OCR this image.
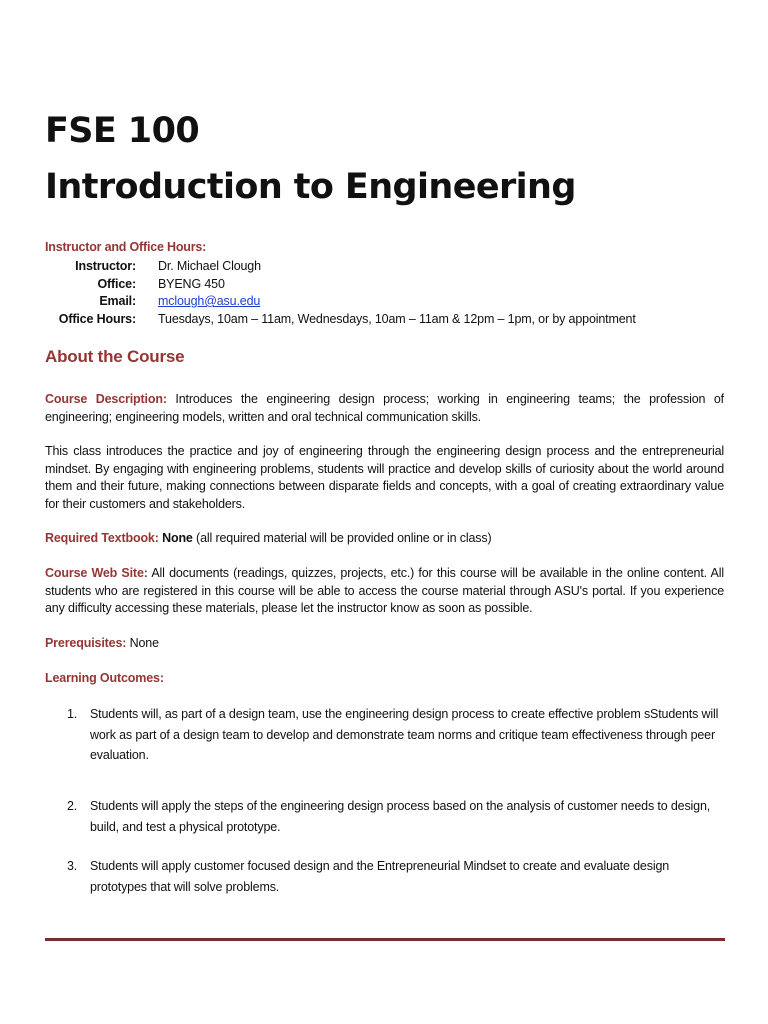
FSE 100
Introduction to Engineering
Instructor and Office Hours:
Instructor: Dr. Michael Clough
Office: BYENG 450
Email: mclough@asu.edu
Office Hours: Tuesdays, 10am – 11am, Wednesdays, 10am – 11am & 12pm – 1pm, or by appointment
About the Course
Course Description: Introduces the engineering design process; working in engineering teams; the profession of engineering; engineering models, written and oral technical communication skills.
This class introduces the practice and joy of engineering through the engineering design process and the entrepreneurial mindset. By engaging with engineering problems, students will practice and develop skills of curiosity about the world around them and their future, making connections between disparate fields and concepts, with a goal of creating extraordinary value for their customers and stakeholders.
Required Textbook: None (all required material will be provided online or in class)
Course Web Site: All documents (readings, quizzes, projects, etc.) for this course will be available in the online content. All students who are registered in this course will be able to access the course material through ASU's portal. If you experience any difficulty accessing these materials, please let the instructor know as soon as possible.
Prerequisites: None
Learning Outcomes:
1. Students will, as part of a design team, use the engineering design process to create effective problem sStudents will work as part of a design team to develop and demonstrate team norms and critique team effectiveness through peer evaluation.
2. Students will apply the steps of the engineering design process based on the analysis of customer needs to design, build, and test a physical prototype.
3. Students will apply customer focused design and the Entrepreneurial Mindset to create and evaluate design prototypes that will solve problems.
